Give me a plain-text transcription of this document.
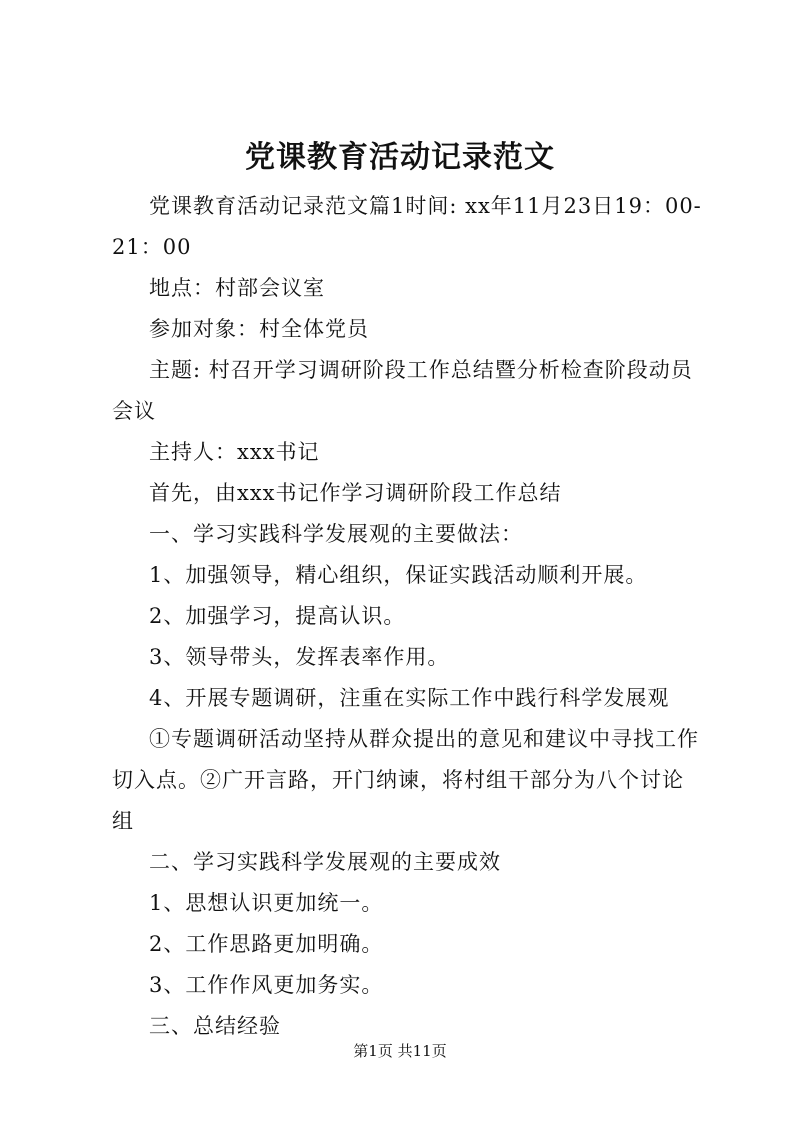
党课教育活动记录范文

党课教育活动记录范文篇1时间: xx年11月23日19：00-21：00

地点：村部会议室

参加对象：村全体党员

主题: 村召开学习调研阶段工作总结暨分析检查阶段动员会议

主持人：xxx书记

首先，由xxx书记作学习调研阶段工作总结

一、学习实践科学发展观的主要做法：

1、加强领导，精心组织，保证实践活动顺利开展。

2、加强学习，提高认识。

3、领导带头，发挥表率作用。

4、开展专题调研，注重在实际工作中践行科学发展观

①专题调研活动坚持从群众提出的意见和建议中寻找工作切入点。②广开言路，开门纳谏，将村组干部分为八个讨论组

二、学习实践科学发展观的主要成效

1、思想认识更加统一。

2、工作思路更加明确。

3、工作作风更加务实。

三、总结经验

第1页 共11页
